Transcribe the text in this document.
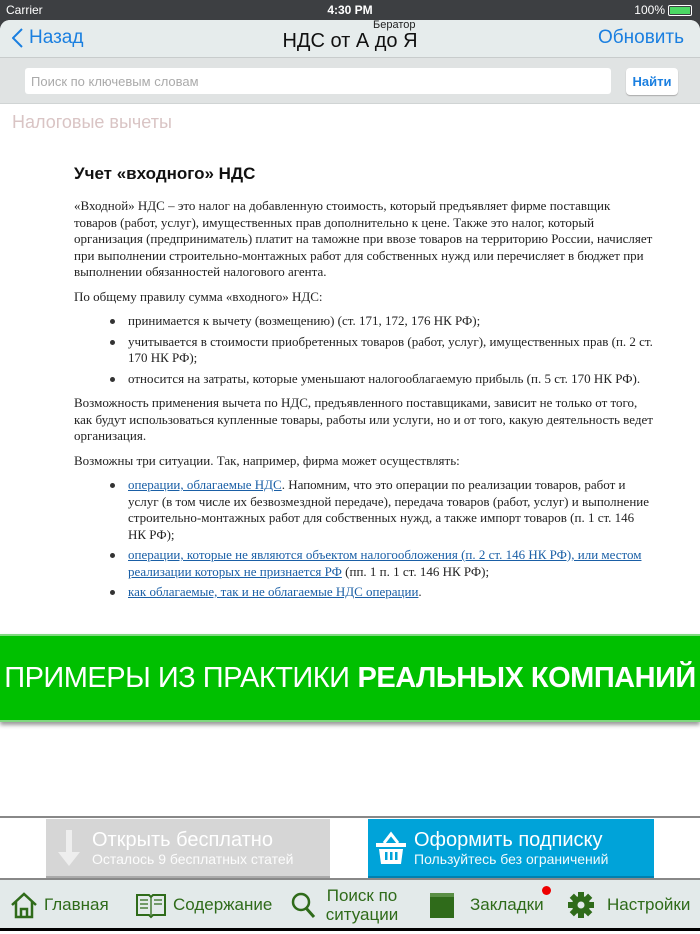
Carrier	4:30 PM	100%
Назад
Бератор
НДС от А до Я	Обновить
Поиск по ключевым словам
Найти
Налоговые вычеты
Учет «входного» НДС

«Входной» НДС – это налог на добавленную стоимость, который предъявляет фирме поставщик товаров (работ, услуг), имущественных прав дополнительно к цене. Также это налог, который организация (предприниматель) платит на таможне при ввозе товаров на территорию России, начисляет при выполнении строительно-монтажных работ для собственных нужд или перечисляет в бюджет при выполнении обязанностей налогового агента.

По общему правилу сумма «входного» НДС:

принимается к вычету (возмещению) (ст. 171, 172, 176 НК РФ);
учитывается в стоимости приобретенных товаров (работ, услуг), имущественных прав (п. 2 ст. 170 НК РФ);
относится на затраты, которые уменьшают налогооблагаемую прибыль (п. 5 ст. 170 НК РФ).

Возможность применения вычета по НДС, предъявленного поставщиками, зависит не только от того, как будут использоваться купленные товары, работы или услуги, но и от того, какую деятельность ведет организация.

Возможны три ситуации. Так, например, фирма может осуществлять:

операции, облагаемые НДС. Напомним, что это операции по реализации товаров, работ и услуг (в том числе их безвозмездной передаче), передача товаров (работ, услуг) и выполнение строительно-монтажных работ для собственных нужд, а также импорт товаров (п. 1 ст. 146 НК РФ);
операции, которые не являются объектом налогообложения (п. 2 ст. 146 НК РФ), или местом реализации которых не признается РФ (пп. 1 п. 1 ст. 146 НК РФ);
как облагаемые, так и не облагаемые НДС операции.
ПРИМЕРЫ ИЗ ПРАКТИКИ РЕАЛЬНЫХ КОМПАНИЙ
Открыть бесплатно
Осталось 9 бесплатных статей
Оформить подписку
Пользуйтесь без ограничений
Главная	Содержание	Поиск по ситуации
Закладки	Настройки
